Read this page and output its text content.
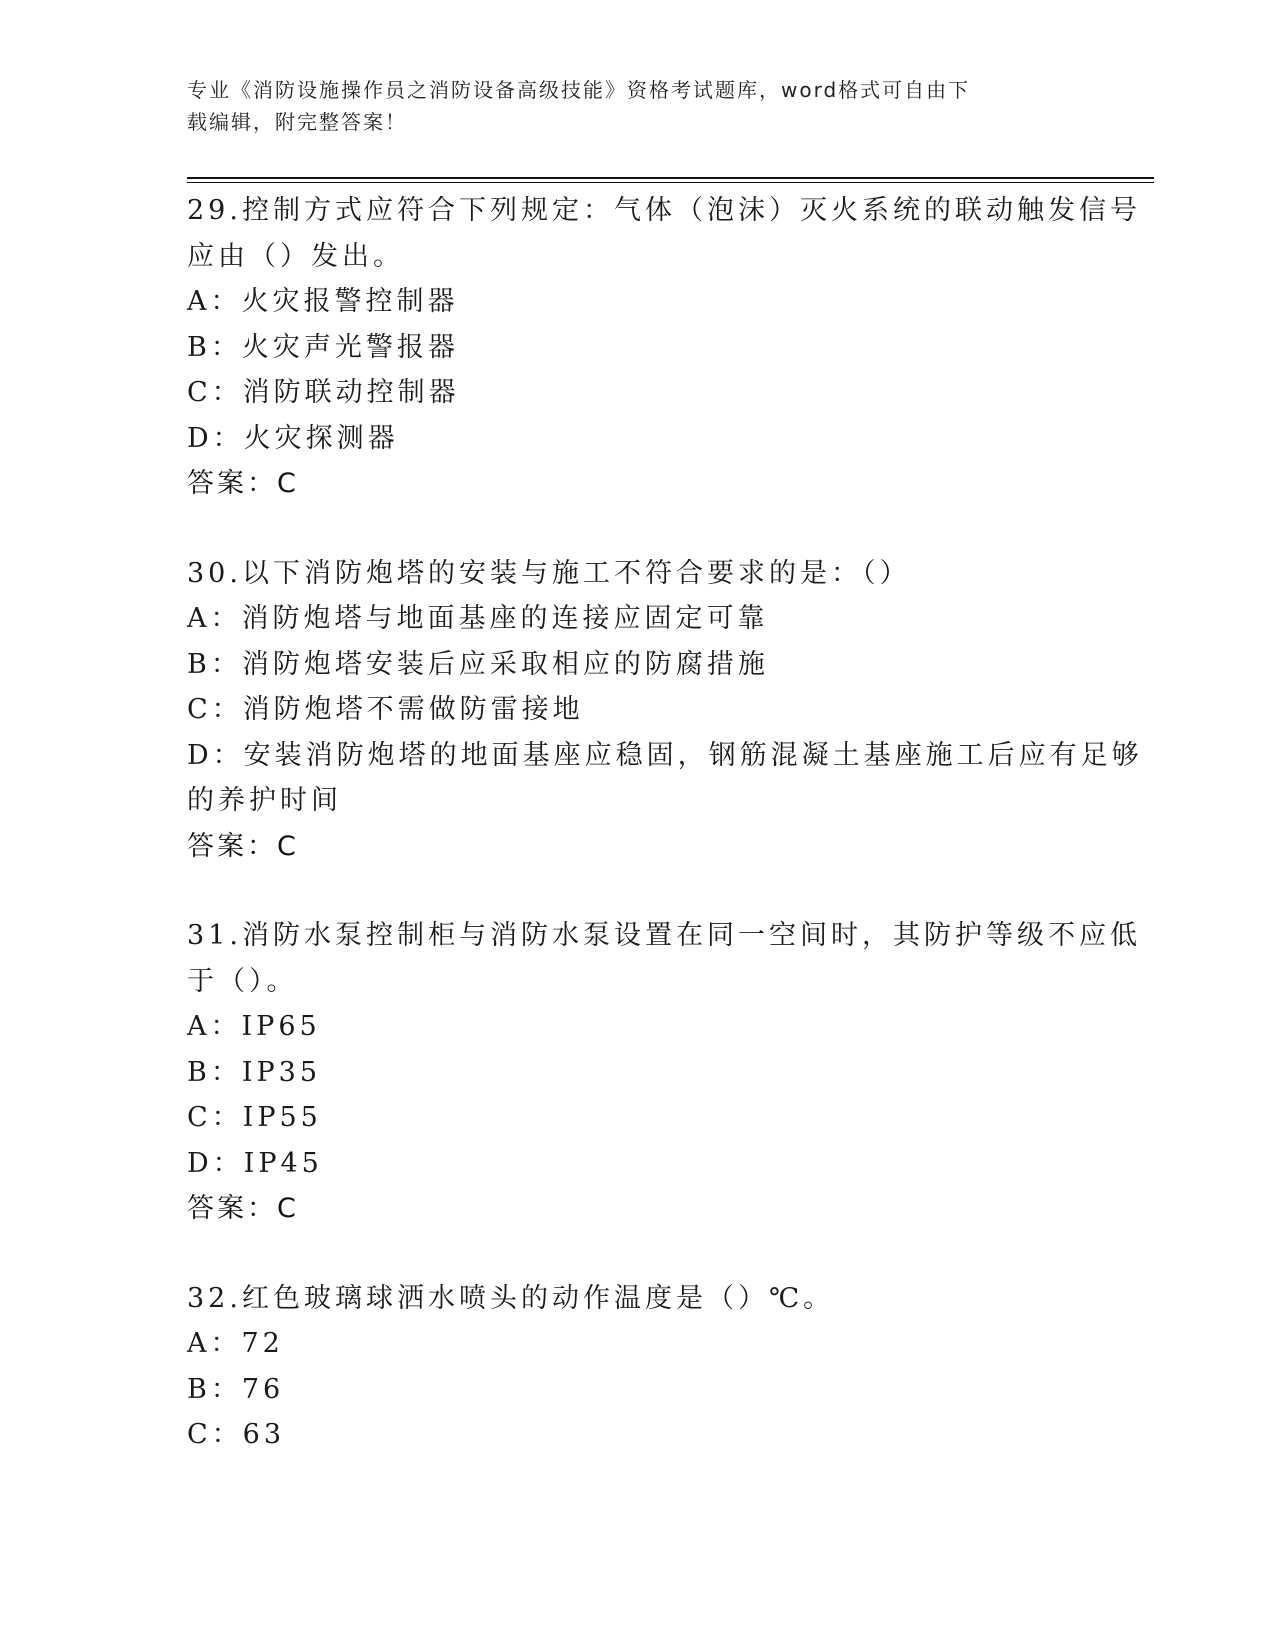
专业《消防设施操作员之消防设备高级技能》资格考试题库，word格式可自由下
载编辑，附完整答案！
29.控制方式应符合下列规定：气体（泡沫）灭火系统的联动触发信号
应由（）发出。
A：火灾报警控制器
B：火灾声光警报器
C：消防联动控制器
D：火灾探测器
答案：C
30.以下消防炮塔的安装与施工不符合要求的是：（）
A：消防炮塔与地面基座的连接应固定可靠
B：消防炮塔安装后应采取相应的防腐措施
C：消防炮塔不需做防雷接地
D：安装消防炮塔的地面基座应稳固，钢筋混凝土基座施工后应有足够
的养护时间
答案：C
31.消防水泵控制柜与消防水泵设置在同一空间时，其防护等级不应低
于（）。
A：IP65
B：IP35
C：IP55
D：IP45
答案：C
32.红色玻璃球洒水喷头的动作温度是（）℃。
A：72
B：76
C：63
